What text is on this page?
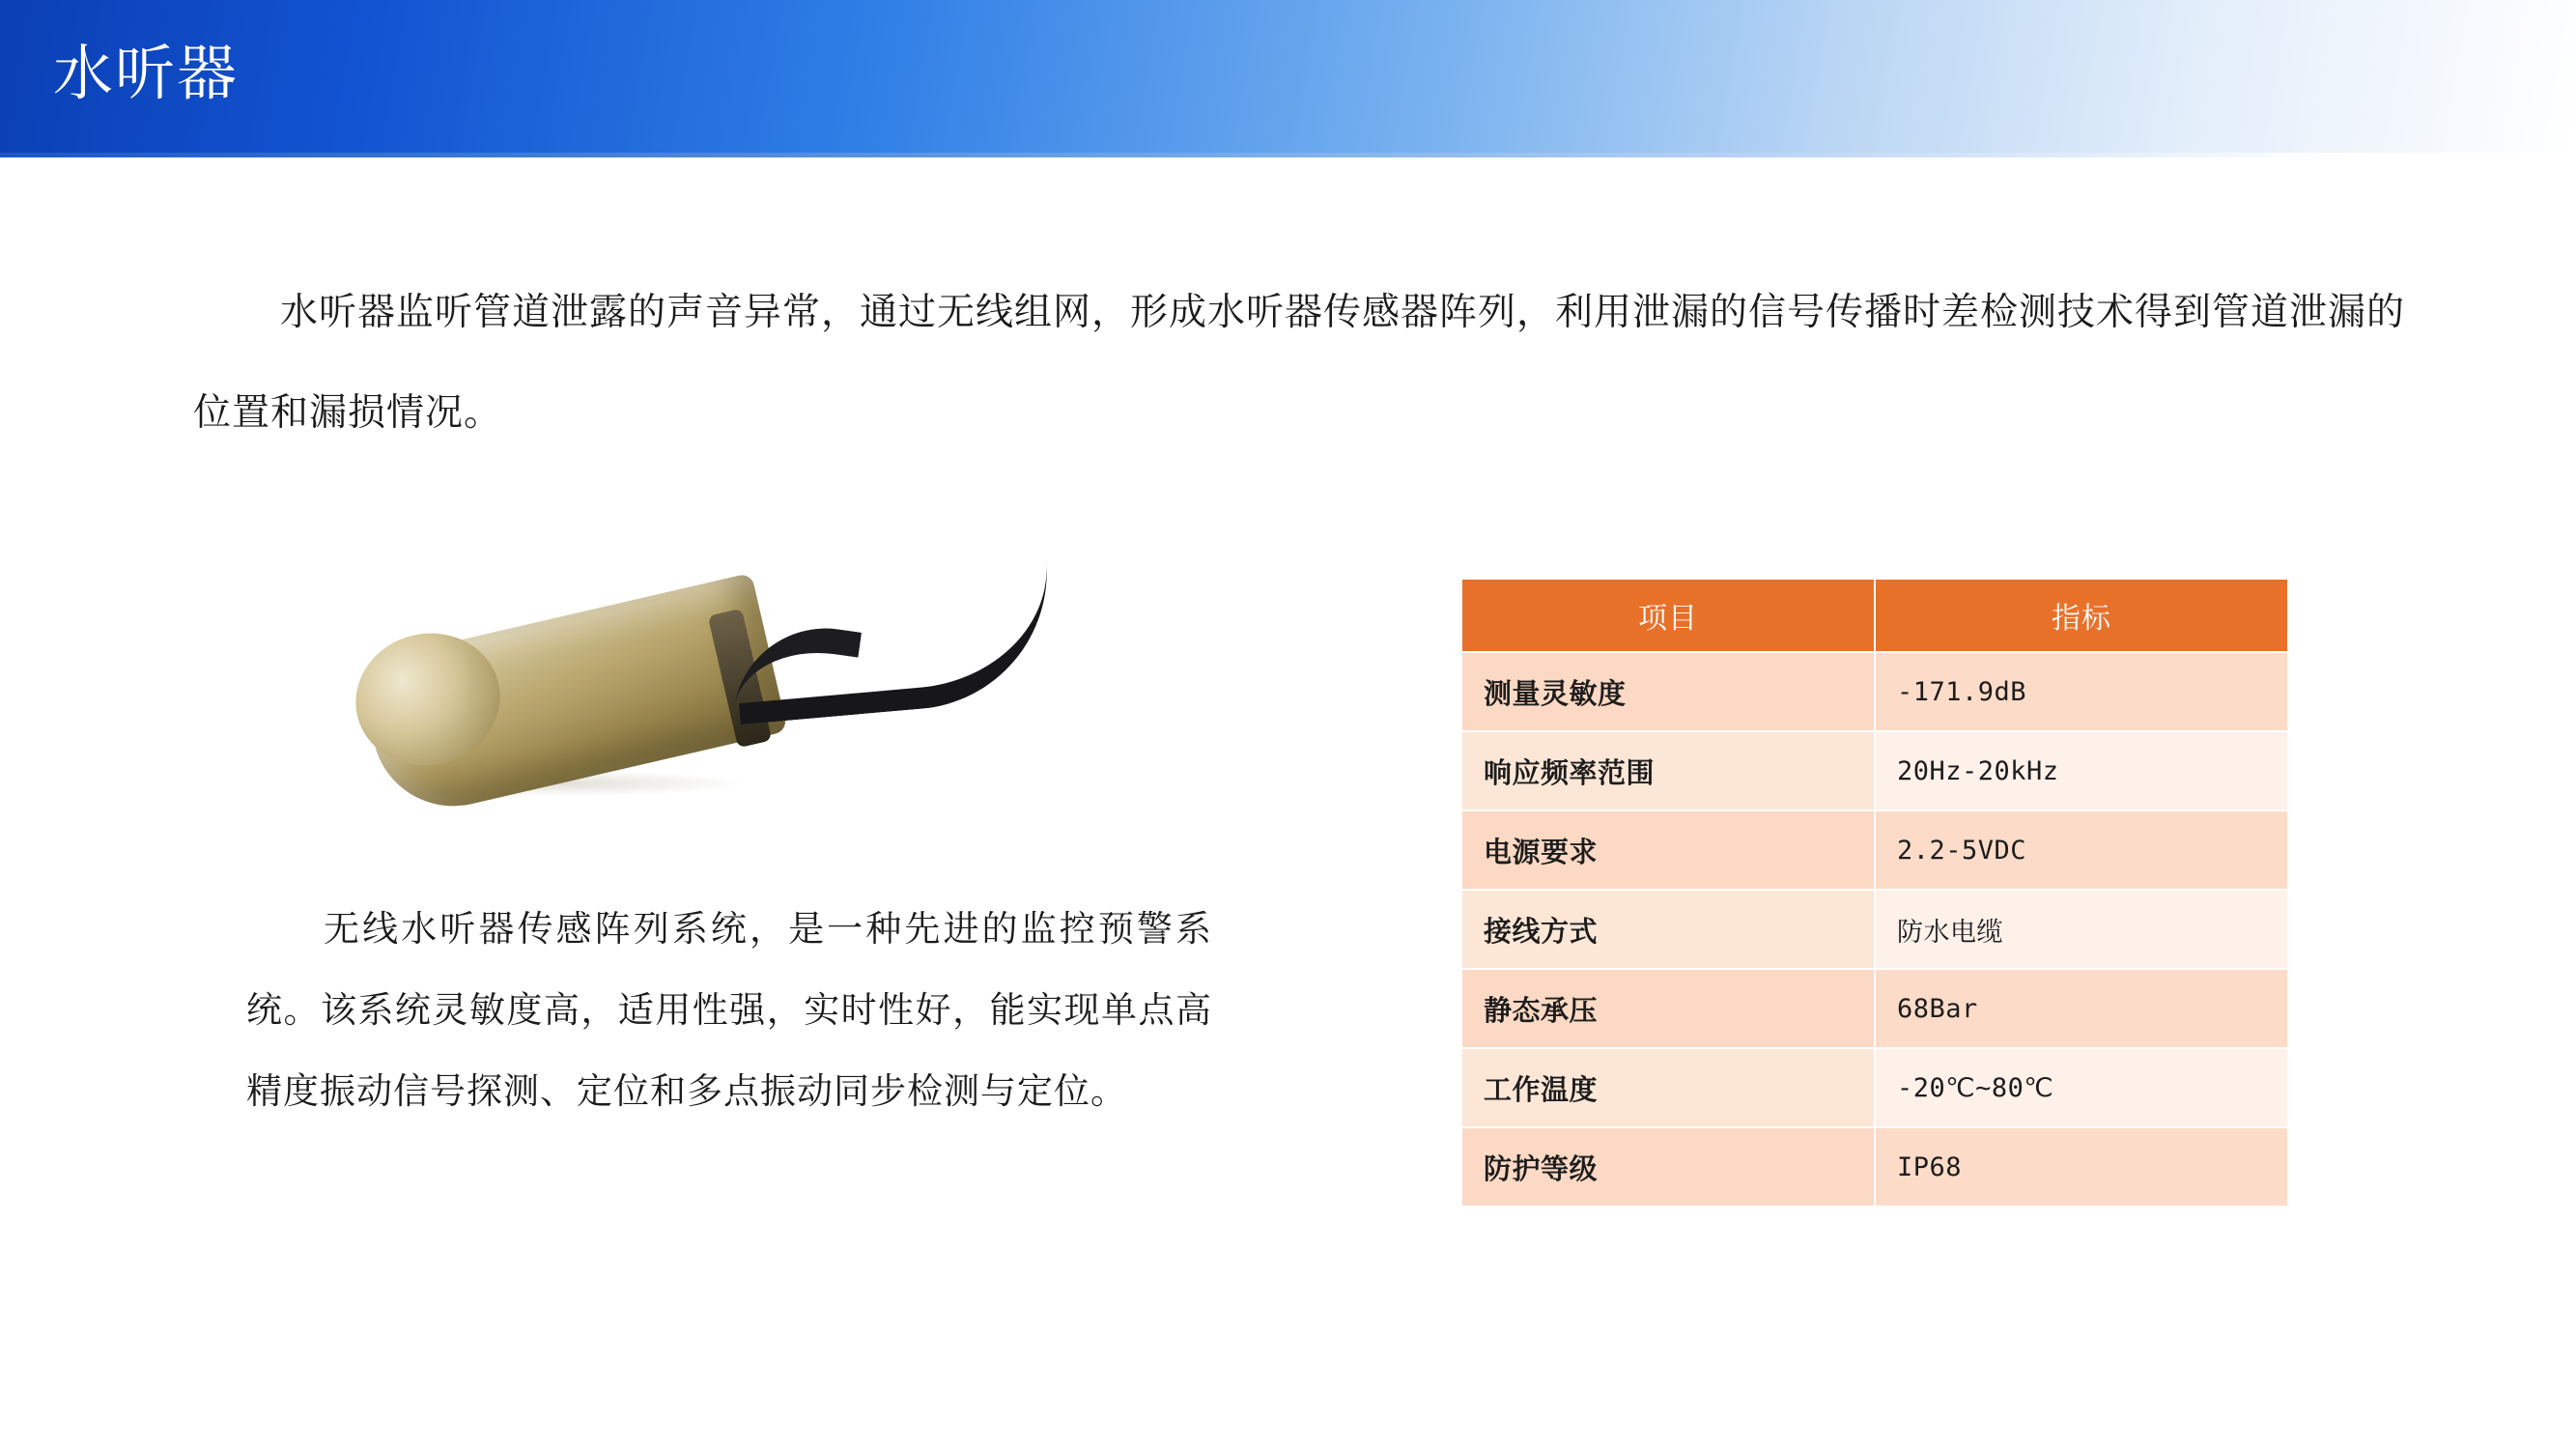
水听器
水听器监听管道泄露的声音异常，通过无线组网，形成水听器传感器阵列，利用泄漏的信号传播时差检测技术得到管道泄漏的位置和漏损情况。
无线水听器传感阵列系统，是一种先进的监控预警系统。该系统灵敏度高，适用性强，实时性好，能实现单点高精度振动信号探测、定位和多点振动同步检测与定位。
项目	指标
测量灵敏度	-171.9dB
响应频率范围	20Hz-20kHz
电源要求	2.2-5VDC
接线方式	防水电缆
静态承压	68Bar
工作温度	-20℃~80℃
防护等级	IP68
